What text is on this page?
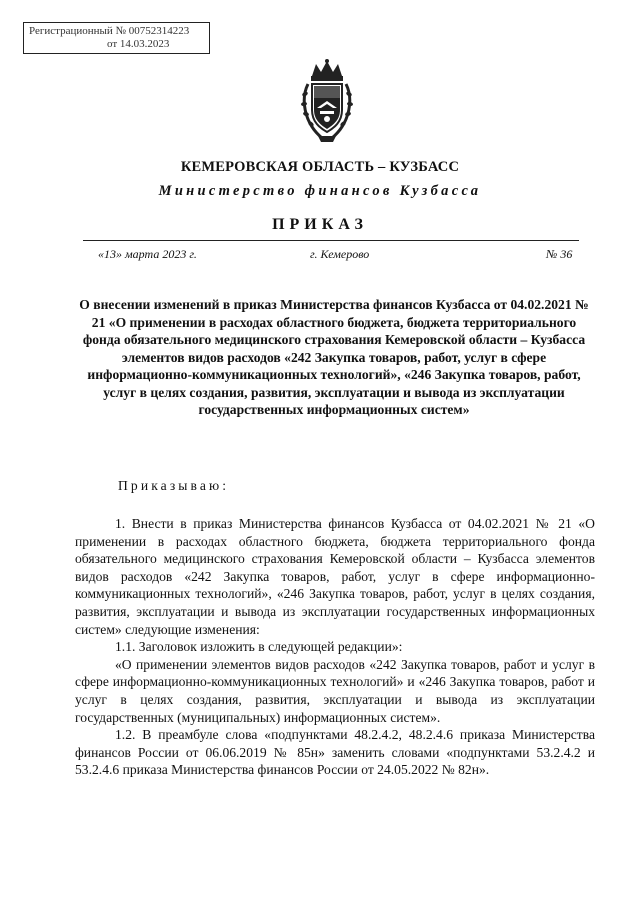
Регистрационный № 00752314223
от 14.03.2023
КЕМЕРОВСКАЯ ОБЛАСТЬ – КУЗБАСС
Министерство финансов Кузбасса
ПРИКАЗ
«13» марта 2023 г.	г. Кемерово	№ 36
О внесении изменений в приказ Министерства финансов Кузбасса от 04.02.2021 № 21 «О применении в расходах областного бюджета, бюджета территориального фонда обязательного медицинского страхования Кемеровской области – Кузбасса элементов видов расходов «242 Закупка товаров, работ, услуг в сфере информационно-коммуникационных технологий», «246 Закупка товаров, работ, услуг в целях создания, развития, эксплуатации и вывода из эксплуатации государственных информационных систем»
Приказываю:

1. Внести в приказ Министерства финансов Кузбасса от 04.02.2021 № 21 «О применении в расходах областного бюджета, бюджета территориального фонда обязательного медицинского страхования Кемеровской области – Кузбасса элементов видов расходов «242 Закупка товаров, работ, услуг в сфере информационно-коммуникационных технологий», «246 Закупка товаров, работ, услуг в целях создания, развития, эксплуатации и вывода из эксплуатации государственных информационных систем» следующие изменения:

1.1. Заголовок изложить в следующей редакции»:

«О применении элементов видов расходов «242 Закупка товаров, работ и услуг в сфере информационно-коммуникационных технологий» и «246 Закупка товаров, работ и услуг в целях создания, развития, эксплуатации и вывода из эксплуатации государственных (муниципальных) информационных систем».

1.2. В преамбуле слова «подпунктами 48.2.4.2, 48.2.4.6 приказа Министерства финансов России от 06.06.2019 № 85н» заменить словами «подпунктами 53.2.4.2 и 53.2.4.6 приказа Министерства финансов России от 24.05.2022 № 82н».
